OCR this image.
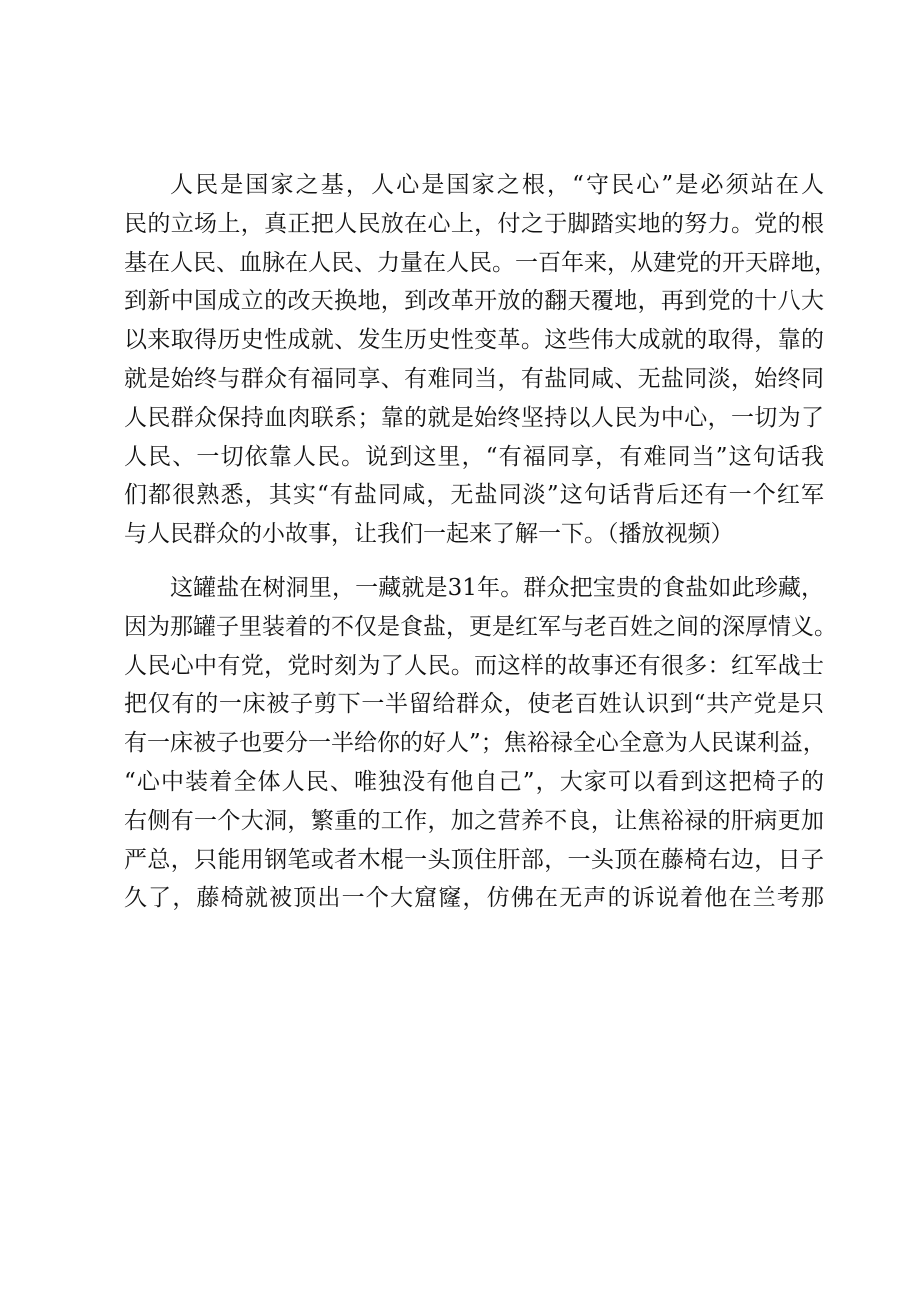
人民是国家之基，人心是国家之根，“守民心”是必须站在人
民的立场上，真正把人民放在心上，付之于脚踏实地的努力。党的根
基在人民、血脉在人民、力量在人民。一百年来，从建党的开天辟地，
到新中国成立的改天换地，到改革开放的翻天覆地，再到党的十八大
以来取得历史性成就、发生历史性变革。这些伟大成就的取得，靠的
就是始终与群众有福同享、有难同当，有盐同咸、无盐同淡，始终同
人民群众保持血肉联系；靠的就是始终坚持以人民为中心，一切为了
人民、一切依靠人民。说到这里，“有福同享，有难同当”这句话我
们都很熟悉，其实“有盐同咸，无盐同淡”这句话背后还有一个红军
与人民群众的小故事，让我们一起来了解一下。（播放视频）
这罐盐在树洞里，一藏就是31年。群众把宝贵的食盐如此珍藏，
因为那罐子里装着的不仅是食盐，更是红军与老百姓之间的深厚情义。
人民心中有党，党时刻为了人民。而这样的故事还有很多：红军战士
把仅有的一床被子剪下一半留给群众，使老百姓认识到“共产党是只
有一床被子也要分一半给你的好人”；焦裕禄全心全意为人民谋利益，
“心中装着全体人民、唯独没有他自己”，大家可以看到这把椅子的
右侧有一个大洞，繁重的工作，加之营养不良，让焦裕禄的肝病更加
严总，只能用钢笔或者木棍一头顶住肝部，一头顶在藤椅右边，日子
久了，藤椅就被顶出一个大窟窿，仿佛在无声的诉说着他在兰考那
